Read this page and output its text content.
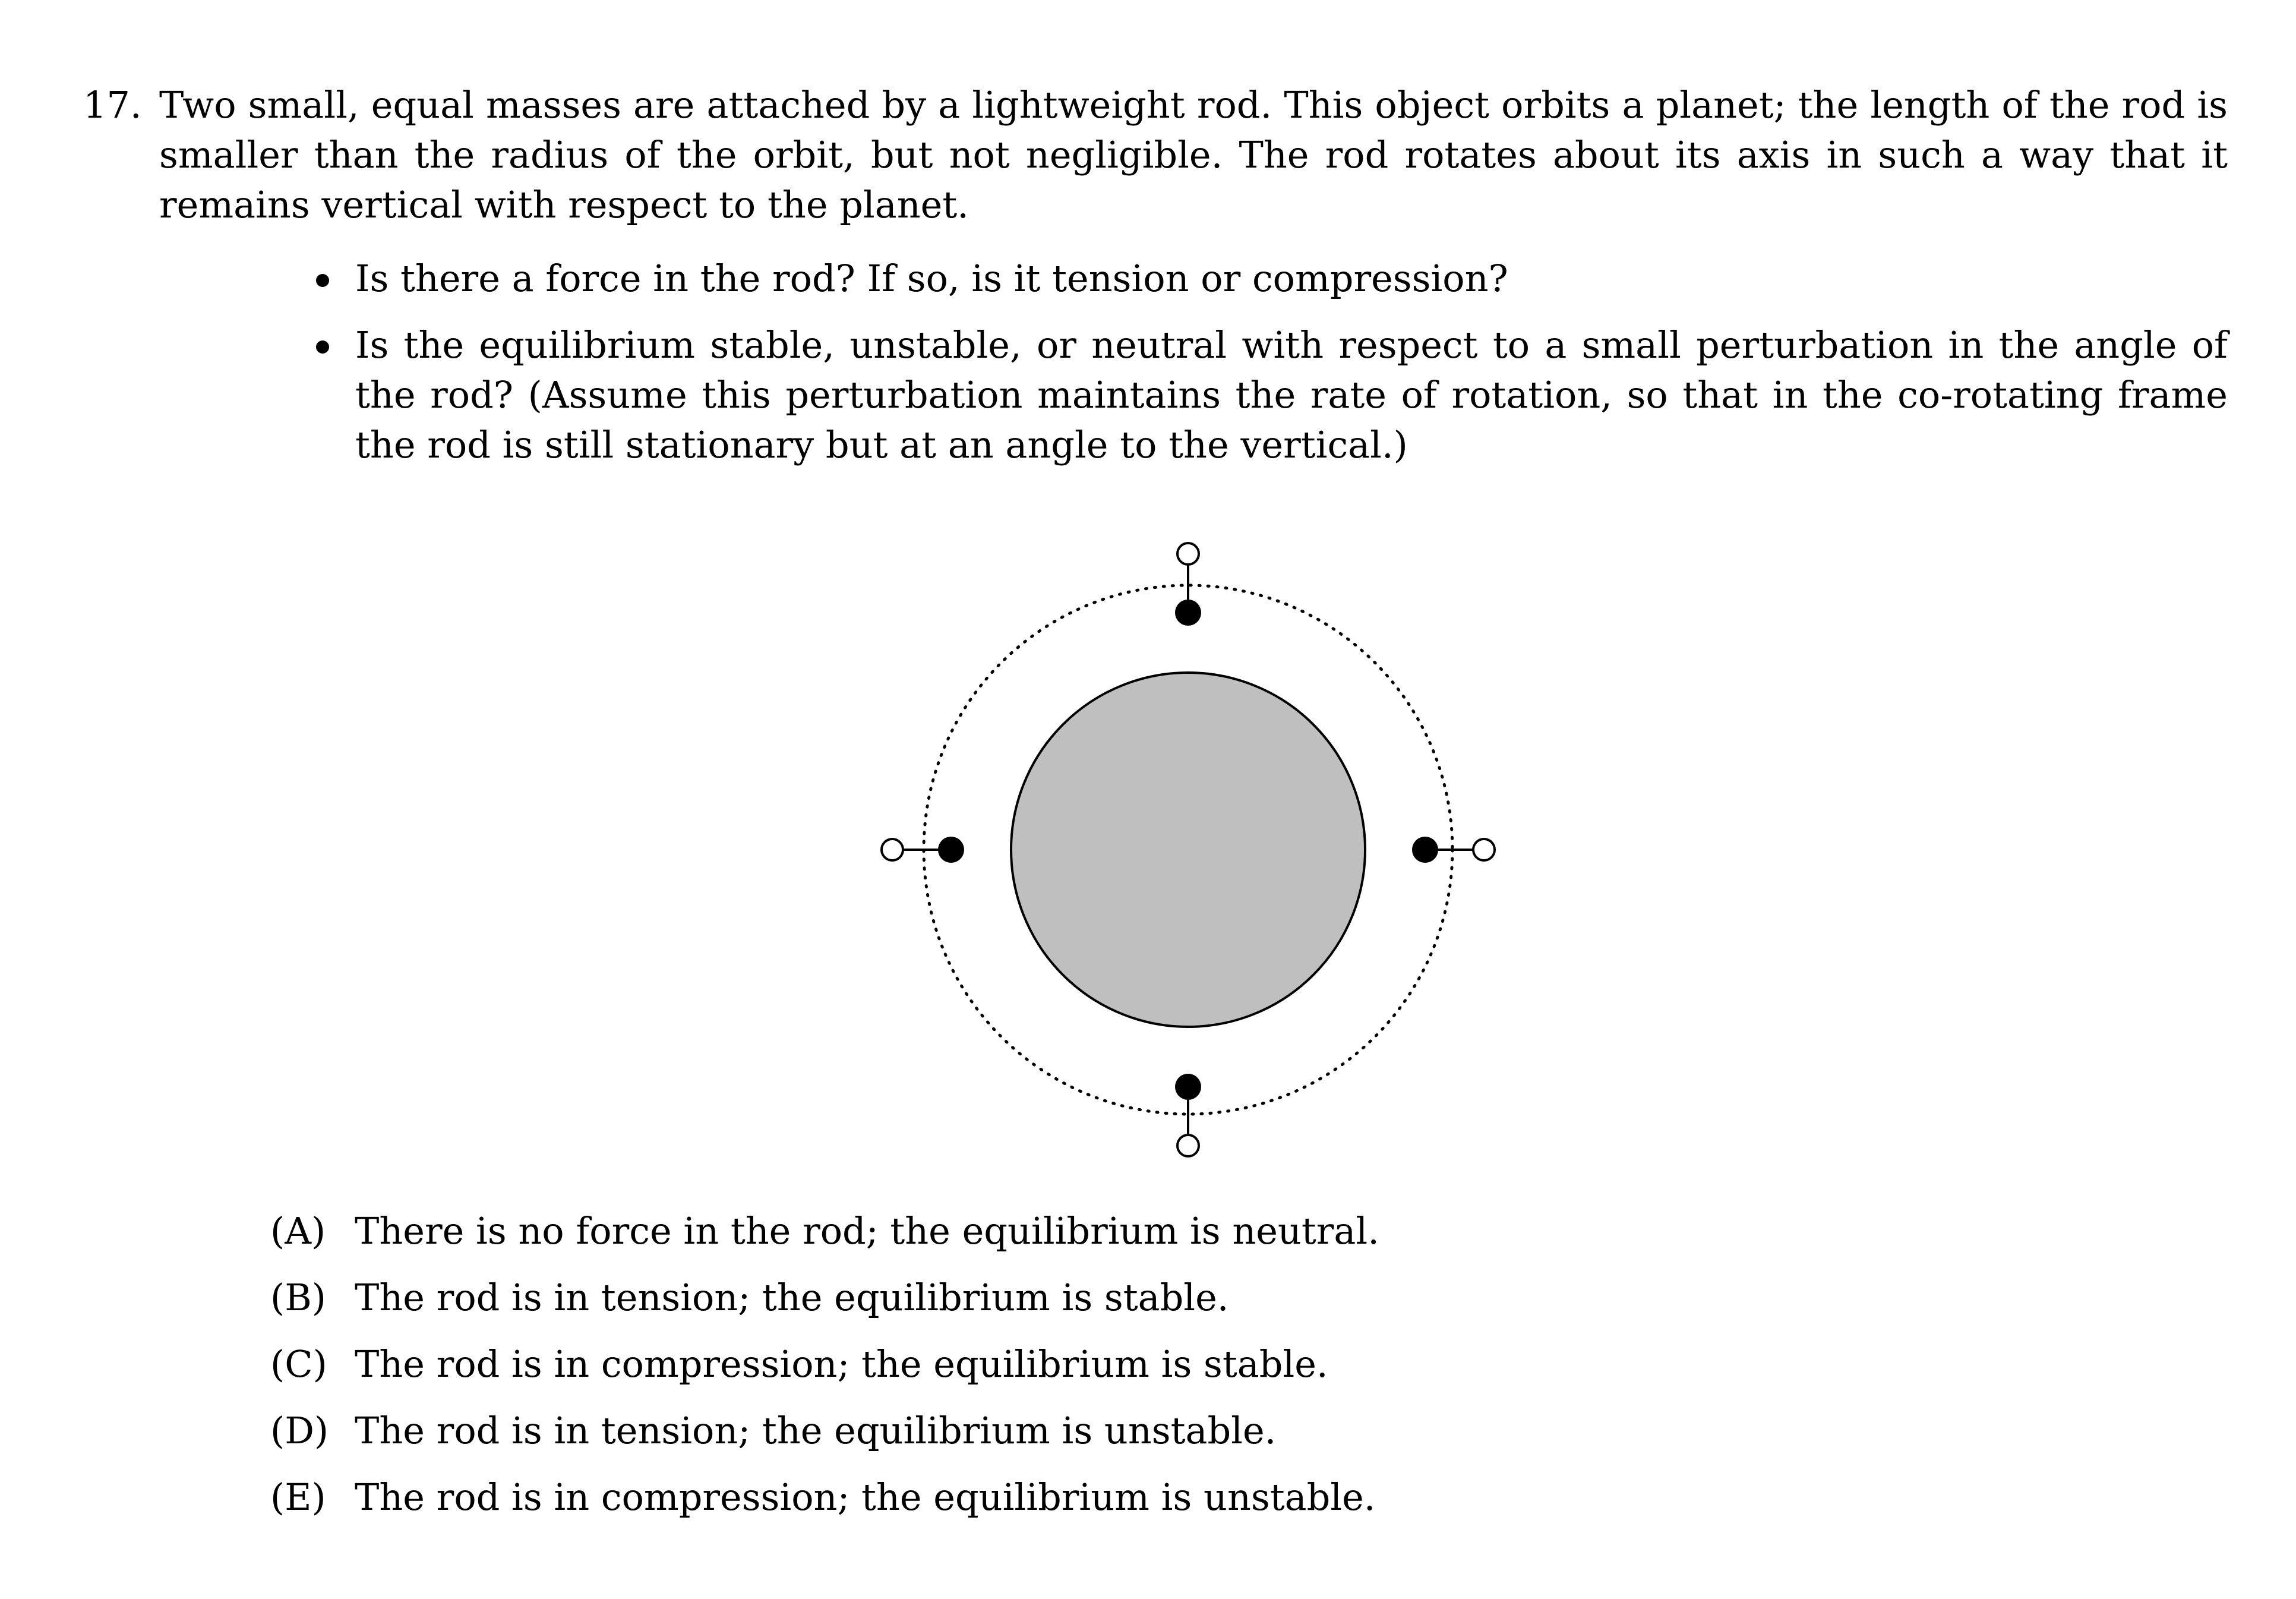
17. Two small, equal masses are attached by a lightweight rod. This object orbits a planet; the length of the rod is smaller than the radius of the orbit, but not negligible. The rod rotates about its axis in such a way that it remains vertical with respect to the planet.
Is there a force in the rod? If so, is it tension or compression?
Is the equilibrium stable, unstable, or neutral with respect to a small perturbation in the angle of the rod? (Assume this perturbation maintains the rate of rotation, so that in the co-rotating frame the rod is still stationary but at an angle to the vertical.)
(A) There is no force in the rod; the equilibrium is neutral.
(B) The rod is in tension; the equilibrium is stable.
(C) The rod is in compression; the equilibrium is stable.
(D) The rod is in tension; the equilibrium is unstable.
(E) The rod is in compression; the equilibrium is unstable.
